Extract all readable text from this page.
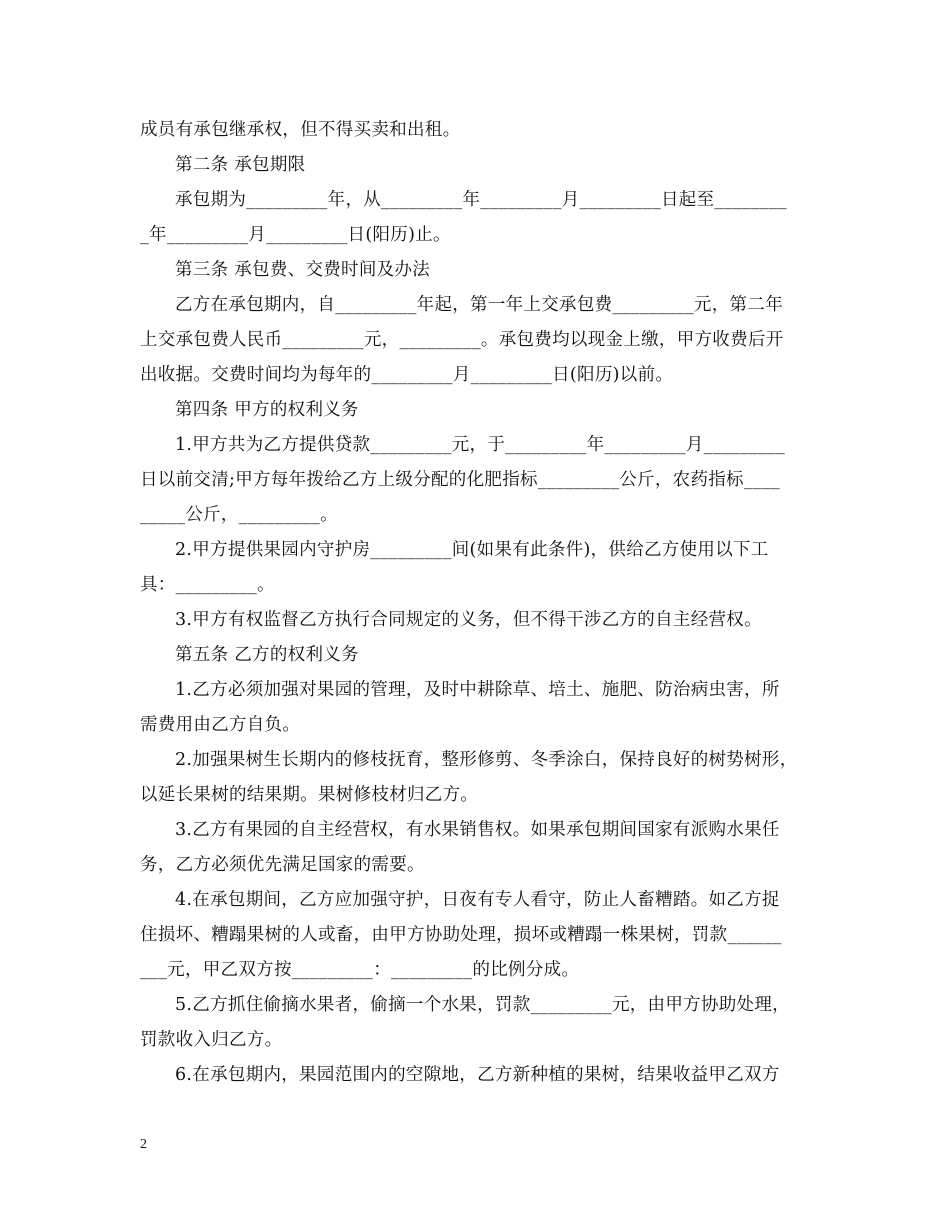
成员有承包继承权，但不得买卖和出租。
第二条 承包期限
承包期为_________年，从_________年_________月_________日起至________
_年_________月_________日(阳历)止。
第三条 承包费、交费时间及办法
乙方在承包期内，自_________年起，第一年上交承包费_________元，第二年
上交承包费人民币_________元，_________。承包费均以现金上缴，甲方收费后开
出收据。交费时间均为每年的_________月_________日(阳历)以前。
第四条 甲方的权利义务
1.甲方共为乙方提供贷款_________元，于_________年_________月_________
日以前交清;甲方每年拨给乙方上级分配的化肥指标_________公斤，农药指标____
_____公斤，_________。
2.甲方提供果园内守护房_________间(如果有此条件)，供给乙方使用以下工
具：_________。
3.甲方有权监督乙方执行合同规定的义务，但不得干涉乙方的自主经营权。
第五条 乙方的权利义务
1.乙方必须加强对果园的管理，及时中耕除草、培土、施肥、防治病虫害，所
需费用由乙方自负。
2.加强果树生长期内的修枝抚育，整形修剪、冬季涂白，保持良好的树势树形，
以延长果树的结果期。果树修枝材归乙方。
3.乙方有果园的自主经营权，有水果销售权。如果承包期间国家有派购水果任
务，乙方必须优先满足国家的需要。
4.在承包期间，乙方应加强守护，日夜有专人看守，防止人畜糟踏。如乙方捉
住损坏、糟蹋果树的人或畜，由甲方协助处理，损坏或糟蹋一株果树，罚款______
___元，甲乙双方按_________：_________的比例分成。
5.乙方抓住偷摘水果者，偷摘一个水果，罚款_________元，由甲方协助处理，
罚款收入归乙方。
6.在承包期内，果园范围内的空隙地，乙方新种植的果树，结果收益甲乙双方
2
